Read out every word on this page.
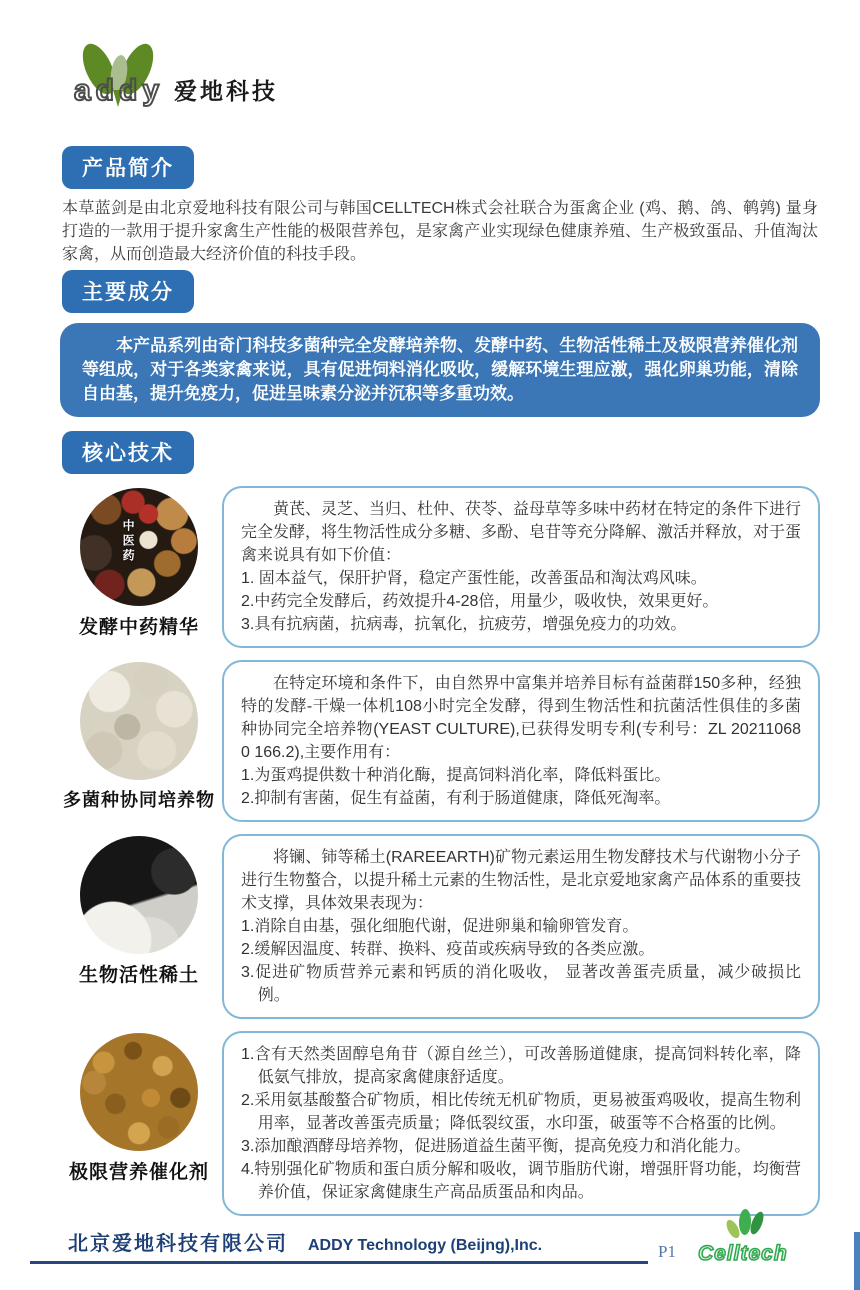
addy 爱地科技
产品简介

本草蓝剑是由北京爱地科技有限公司与韩国CELLTECH株式会社联合为蛋禽企业 (鸡、鹅、鸽、鹌鹑) 量身打造的一款用于提升家禽生产性能的极限营养包，是家禽产业实现绿色健康养殖、生产极致蛋品、升值淘汰家禽，从而创造最大经济价值的科技手段。

主要成分

本产品系列由奇门科技多菌种完全发酵培养物、发酵中药、生物活性稀土及极限营养催化剂等组成，对于各类家禽来说，具有促进饲料消化吸收，缓解环境生理应激，强化卵巢功能，清除自由基，提升免疫力，促进呈味素分泌并沉积等多重功效。

核心技术
中医药
发酵中药精华

黄芪、灵芝、当归、杜仲、茯苓、益母草等多味中药材在特定的条件下进行完全发酵，将生物活性成分多糖、多酚、皂苷等充分降解、激活并释放，对于蛋禽来说具有如下价值：

1. 固本益气，保肝护肾，稳定产蛋性能，改善蛋品和淘汰鸡风味。
2.中药完全发酵后，药效提升4-28倍，用量少，吸收快，效果更好。
3.具有抗病菌，抗病毒，抗氧化，抗疲劳，增强免疫力的功效。
多菌种协同培养物

在特定环境和条件下，由自然界中富集并培养目标有益菌群150多种，经独特的发酵-干燥一体机108小时完全发酵，得到生物活性和抗菌活性俱佳的多菌种协同完全培养物(YEAST CULTURE),已获得发明专利(专利号：ZL 20211068 0 166.2),主要作用有：

1.为蛋鸡提供数十种消化酶，提高饲料消化率，降低料蛋比。
2.抑制有害菌，促生有益菌，有利于肠道健康，降低死淘率。
生物活性稀土

将镧、铈等稀土(RAREEARTH)矿物元素运用生物发酵技术与代谢物小分子进行生物螯合，以提升稀土元素的生物活性，是北京爱地家禽产品体系的重要技术支撑，具体效果表现为：

1.消除自由基，强化细胞代谢，促进卵巢和输卵管发育。
2.缓解因温度、转群、换料、疫苗或疾病导致的各类应激。
3.促进矿物质营养元素和钙质的消化吸收， 显著改善蛋壳质量，减少破损比例。
极限营养催化剂
1.含有天然类固醇皂角苷（源自丝兰），可改善肠道健康，提高饲料转化率，降低氨气排放，提高家禽健康舒适度。
2.采用氨基酸螯合矿物质，相比传统无机矿物质，更易被蛋鸡吸收，提高生物利用率，显著改善蛋壳质量；降低裂纹蛋，水印蛋，破蛋等不合格蛋的比例。
3.添加酿酒酵母培养物，促进肠道益生菌平衡，提高免疫力和消化能力。
4.特别强化矿物质和蛋白质分解和吸收，调节脂肪代谢，增强肝肾功能，均衡营养价值，保证家禽健康生产高品质蛋品和肉品。
北京爱地科技有限公司 ADDY Technology (Beijng),Inc.	P1 Celltech
